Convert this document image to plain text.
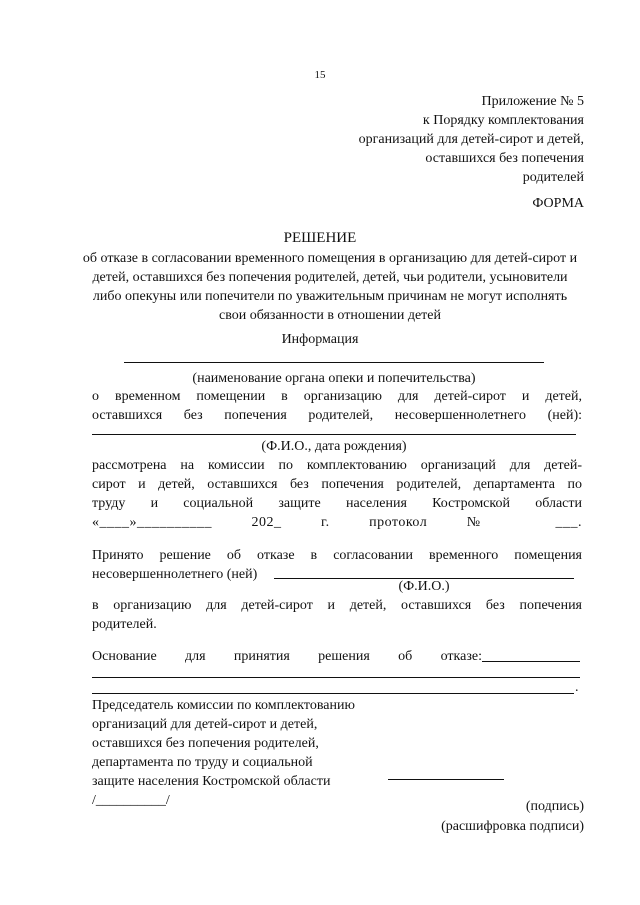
15
Приложение № 5
к Порядку комплектования
организаций для детей-сирот и детей,
оставшихся без попечения
родителей
ФОРМА
РЕШЕНИЕ
об отказе в согласовании временного помещения в организацию для детей-сирот и детей, оставшихся без попечения родителей, детей, чьи родители, усыновители либо опекуны или попечители по уважительным причинам не могут исполнять свои обязанности в отношении детей
Информация
(наименование органа опеки и попечительства)
о временном помещении в организацию для детей-сирот и детей,
оставшихся без попечения родителей, несовершеннолетнего (ней):
(Ф.И.О., дата рождения)
рассмотрена на комиссии по комплектованию организаций для детей-
сирот и детей, оставшихся без попечения родителей, департамента по
труду и социальной защите населения Костромской области
«____»__________ 202_ г. протокол № ___.
Принято решение об отказе в согласовании временного помещения
несовершеннолетнего (ней)
(Ф.И.О.)
в организацию для детей-сирот и детей, оставшихся без попечения
родителей.
Основание для принятия решения об отказе:
.
Председатель комиссии по комплектованию
организаций для детей-сирот и детей,
оставшихся без попечения родителей,
департамента по труду и социальной
защите населения Костромской области
/__________/	(подпись)
(расшифровка подписи)
